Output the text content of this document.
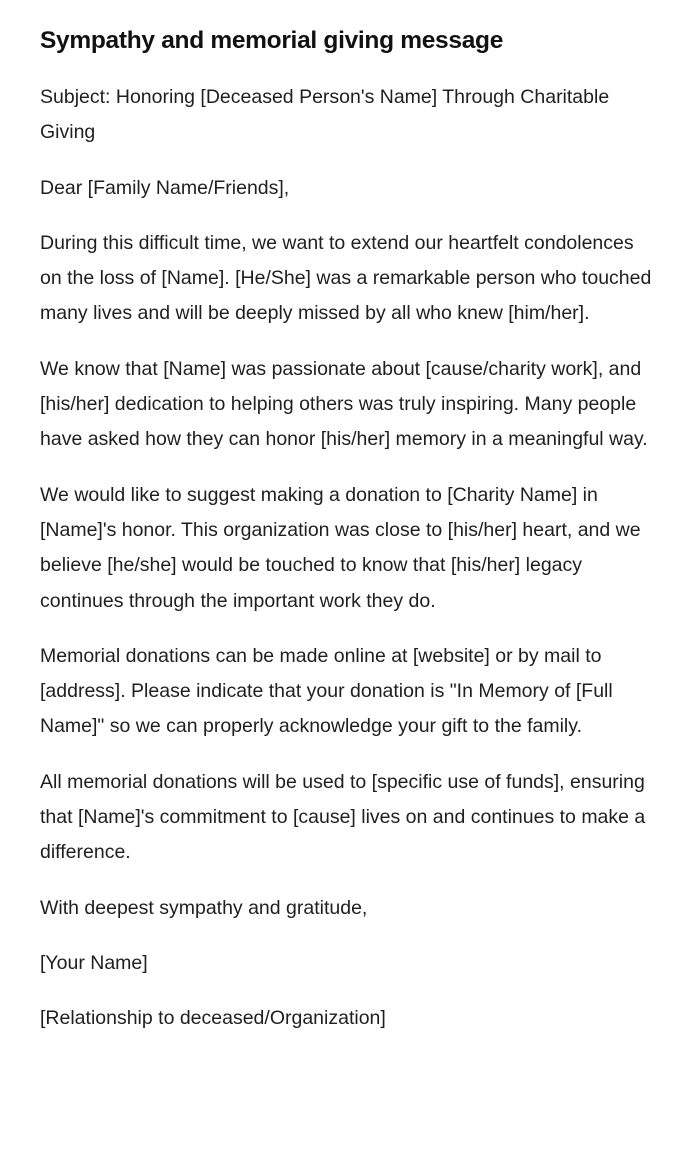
Sympathy and memorial giving message

Subject: Honoring [Deceased Person's Name] Through Charitable Giving

Dear [Family Name/Friends],

During this difficult time, we want to extend our heartfelt condolences on the loss of [Name]. [He/She] was a remarkable person who touched many lives and will be deeply missed by all who knew [him/her].

We know that [Name] was passionate about [cause/charity work], and [his/her] dedication to helping others was truly inspiring. Many people have asked how they can honor [his/her] memory in a meaningful way.

We would like to suggest making a donation to [Charity Name] in [Name]'s honor. This organization was close to [his/her] heart, and we believe [he/she] would be touched to know that [his/her] legacy continues through the important work they do.

Memorial donations can be made online at [website] or by mail to [address]. Please indicate that your donation is "In Memory of [Full Name]" so we can properly acknowledge your gift to the family.

All memorial donations will be used to [specific use of funds], ensuring that [Name]'s commitment to [cause] lives on and continues to make a difference.

With deepest sympathy and gratitude,

[Your Name]

[Relationship to deceased/Organization]
